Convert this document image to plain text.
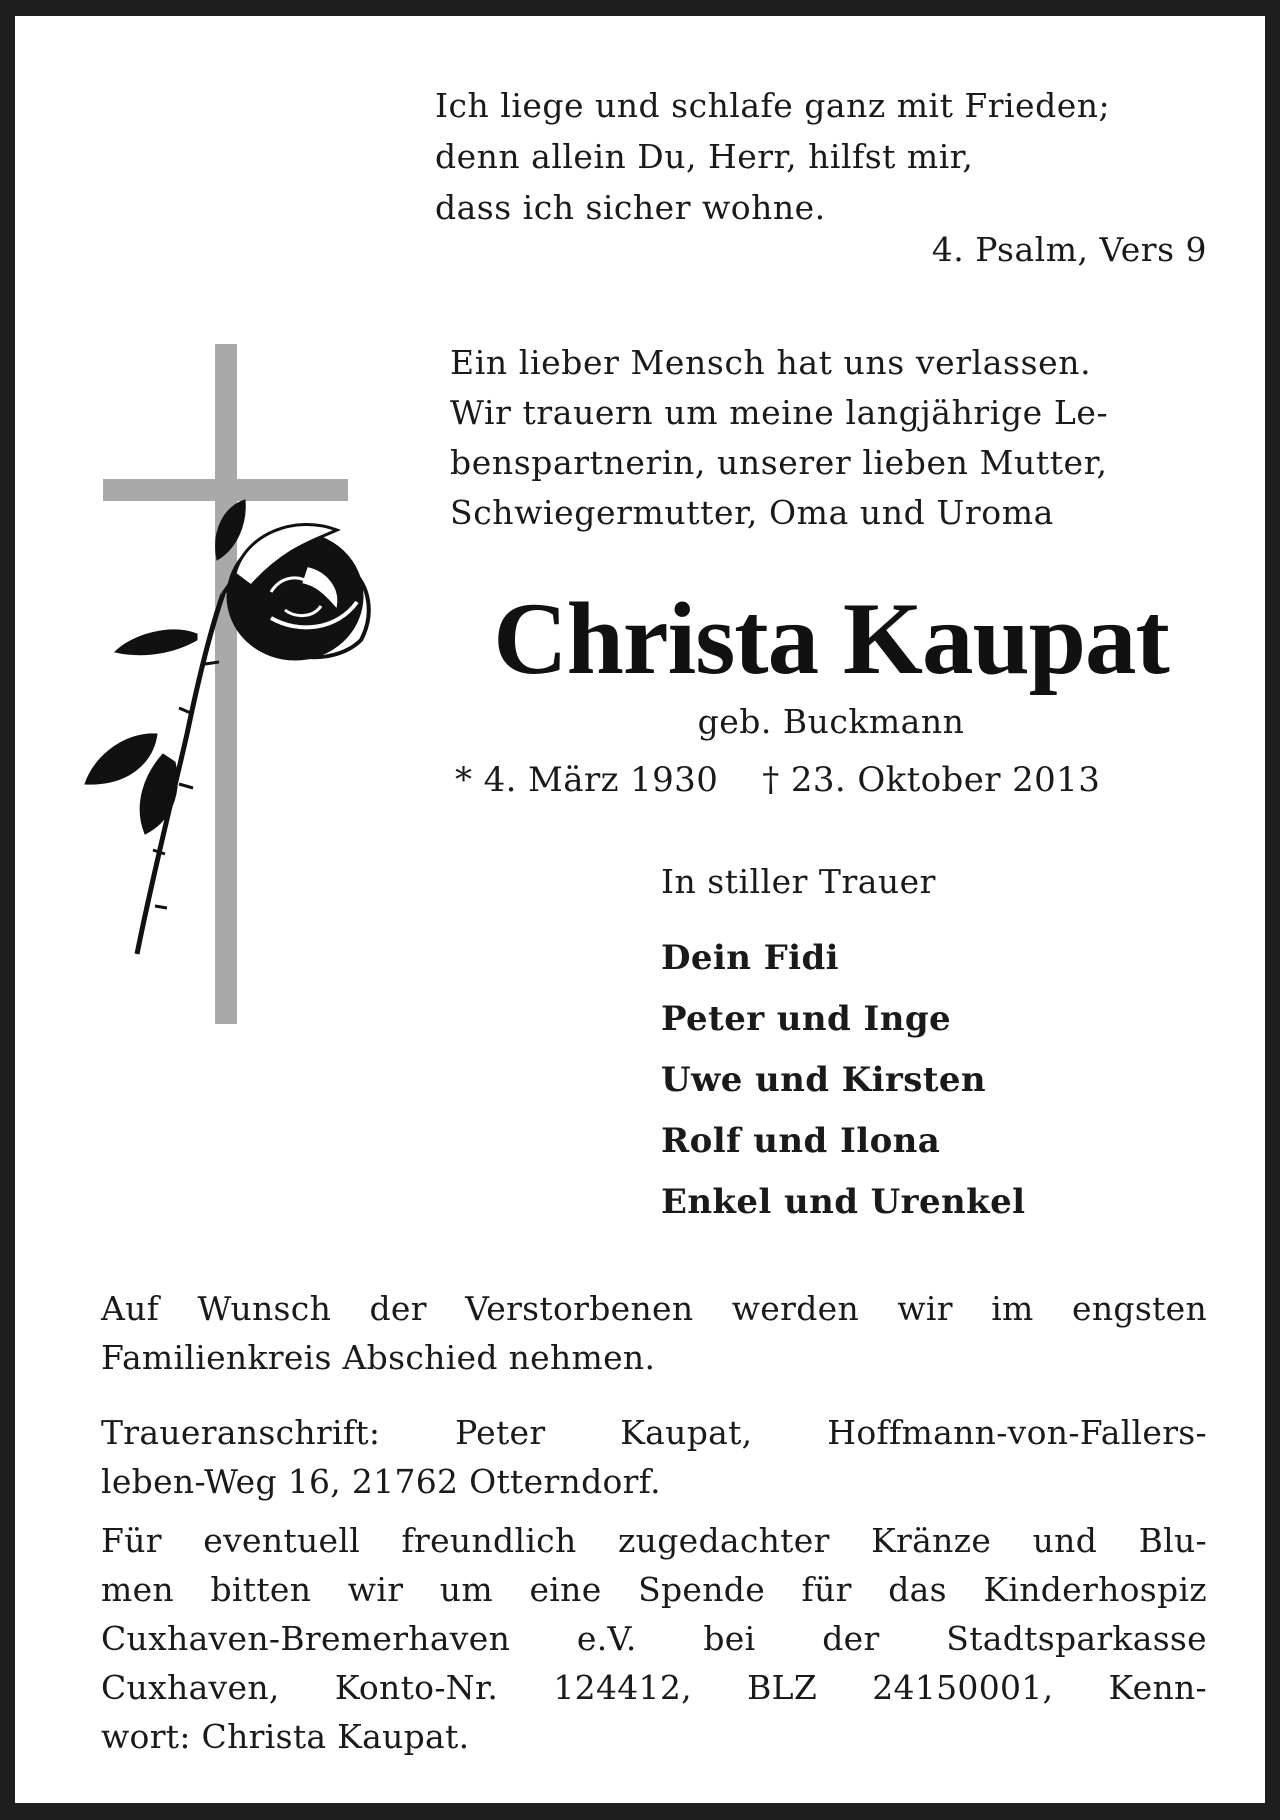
Ich liege und schlafe ganz mit Frieden;
denn allein Du, Herr, hilfst mir,
dass ich sicher wohne.
4. Psalm, Vers 9
Ein lieber Mensch hat uns verlassen.
Wir trauern um meine langjährige Le-
benspartnerin, unserer lieben Mutter,
Schwiegermutter, Oma und Uroma
Christa Kaupat
geb. Buckmann
* 4. März 1930 † 23. Oktober 2013
In stiller Trauer
Dein Fidi
Peter und Inge
Uwe und Kirsten
Rolf und Ilona
Enkel und Urenkel
Auf Wunsch der Verstorbenen werden wir im engsten
Familienkreis Abschied nehmen.
Traueranschrift: Peter Kaupat, Hoffmann-von-Fallers-
leben-Weg 16, 21762 Otterndorf.
Für eventuell freundlich zugedachter Kränze und Blu-
men bitten wir um eine Spende für das Kinderhospiz
Cuxhaven-Bremerhaven e.V. bei der Stadtsparkasse
Cuxhaven, Konto-Nr. 124412, BLZ 24150001, Kenn-
wort: Christa Kaupat.
